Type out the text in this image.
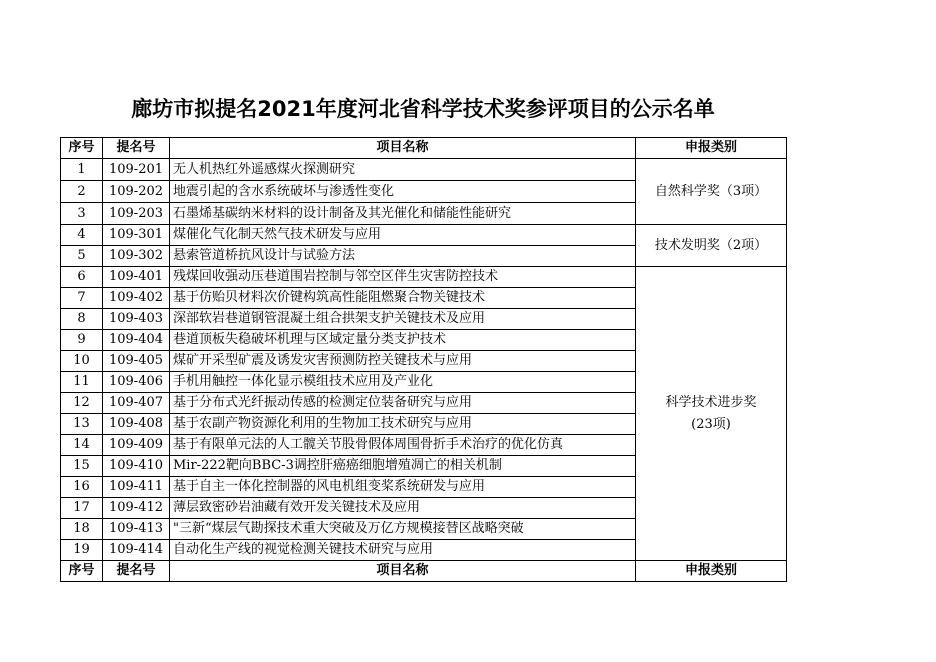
廊坊市拟提名2021年度河北省科学技术奖参评项目的公示名单
序号	提名号	项目名称	申报类别
1	109-201	无人机热红外遥感煤火探测研究	自然科学奖（3项）

2	109-202	地震引起的含水系统破坏与渗透性变化	
3	109-203	石墨烯基碳纳米材料的设计制备及其光催化和储能性能研究	
4	109-301	煤催化气化制天然气技术研发与应用	技术发明奖（2项）

5	109-302	悬索管道桥抗风设计与试验方法	
6	109-401	残煤回收强动压巷道围岩控制与邻空区伴生灾害防控技术	科学技术进步奖
(23项)

7	109-402	基于仿贻贝材料次价键构筑高性能阻燃聚合物关键技术	
8	109-403	深部软岩巷道钢管混凝土组合拱架支护关键技术及应用	
9	109-404	巷道顶板失稳破坏机理与区域定量分类支护技术	
10	109-405	煤矿开采型矿震及诱发灾害预测防控关键技术与应用	
11	109-406	手机用触控一体化显示模组技术应用及产业化	
12	109-407	基于分布式光纤振动传感的检测定位装备研究与应用	
13	109-408	基于农副产物资源化利用的生物加工技术研究与应用	
14	109-409	基于有限单元法的人工髋关节股骨假体周围骨折手术治疗的优化仿真	
15	109-410	Mir-222靶向BBC-3调控肝癌癌细胞增殖凋亡的相关机制	
16	109-411	基于自主一体化控制器的风电机组变桨系统研发与应用	
17	109-412	薄层致密砂岩油藏有效开发关键技术及应用	
18	109-413	"三新“煤层气勘探技术重大突破及万亿方规模接替区战略突破	
19	109-414	自动化生产线的视觉检测关键技术研究与应用	
序号	提名号	项目名称	申报类别
